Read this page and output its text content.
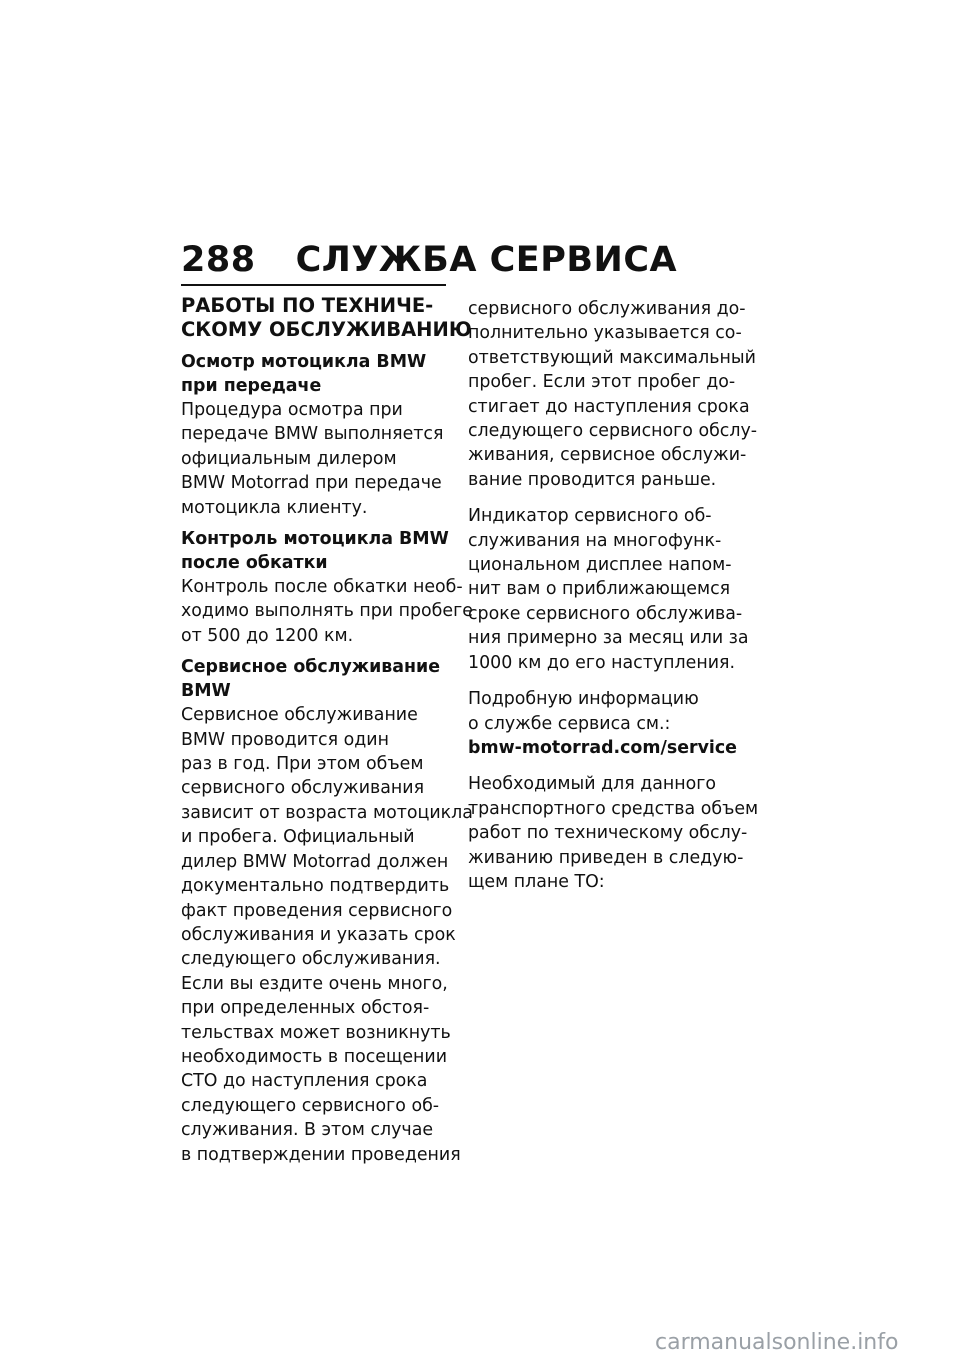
288 СЛУЖБА СЕРВИСА
РАБОТЫ ПО ТЕХНИЧЕ-
СКОМУ ОБСЛУЖИВАНИЮ
Осмотр мотоцикла BMW
при передаче
Процедура осмотра при
передаче BMW выполняется
официальным дилером
BMW Motorrad при передаче
мотоцикла клиенту.
Контроль мотоцикла BMW
после обкатки
Контроль после обкатки необ-
ходимо выполнять при пробеге
от 500 до 1200 км.
Сервисное обслуживание
BMW
Сервисное обслуживание
BMW проводится один
раз в год. При этом объем
сервисного обслуживания
зависит от возраста мотоцикла
и пробега. Официальный
дилер BMW Motorrad должен
документально подтвердить
факт проведения сервисного
обслуживания и указать срок
следующего обслуживания.
Если вы ездите очень много,
при определенных обстоя-
тельствах может возникнуть
необходимость в посещении
СТО до наступления срока
следующего сервисного об-
служивания. В этом случае
в подтверждении проведения
сервисного обслуживания до-
полнительно указывается со-
ответствующий максимальный
пробег. Если этот пробег до-
стигает до наступления срока
следующего сервисного обслу-
живания, сервисное обслужи-
вание проводится раньше.
Индикатор сервисного об-
служивания на многофунк-
циональном дисплее напом-
нит вам о приближающемся
сроке сервисного обслужива-
ния примерно за месяц или за
1000 км до его наступления.
Подробную информацию
о службе сервиса см.:
bmw-motorrad.com/service
Необходимый для данного
транспортного средства объем
работ по техническому обслу-
живанию приведен в следую-
щем плане ТО:
carmanualsonline.info
